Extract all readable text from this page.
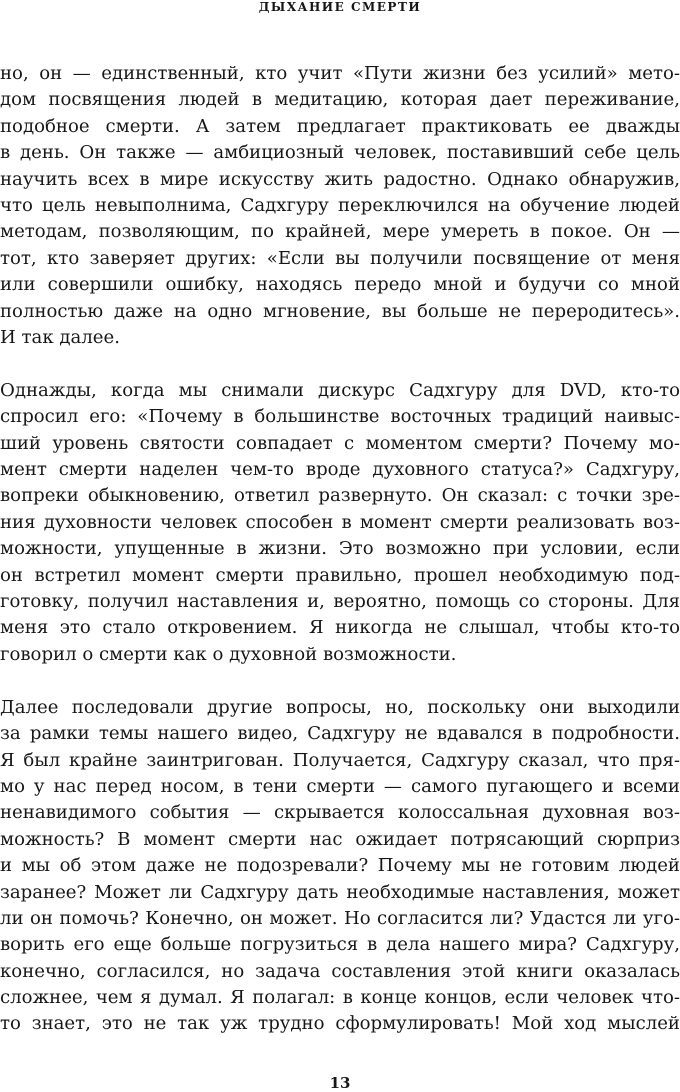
ДЫХАНИЕ СМЕРТИ
но, он — единственный, кто учит «Пути жизни без усилий» мето-
дом посвящения людей в медитацию, которая дает переживание,
подобное смерти. А затем предлагает практиковать ее дважды
в день. Он также — амбициозный человек, поставивший себе цель
научить всех в мире искусству жить радостно. Однако обнаружив,
что цель невыполнима, Садхгуру переключился на обучение людей
методам, позволяющим, по крайней, мере умереть в покое. Он —
тот, кто заверяет других: «Если вы получили посвящение от меня
или совершили ошибку, находясь передо мной и будучи со мной
полностью даже на одно мгновение, вы больше не переродитесь».
И так далее.
Однажды, когда мы снимали дискурс Садхгуру для DVD, кто-то
спросил его: «Почему в большинстве восточных традиций наивыс-
ший уровень святости совпадает с моментом смерти? Почему мо-
мент смерти наделен чем-то вроде духовного статуса?» Садхгуру,
вопреки обыкновению, ответил развернуто. Он сказал: с точки зре-
ния духовности человек способен в момент смерти реализовать воз-
можности, упущенные в жизни. Это возможно при условии, если
он встретил момент смерти правильно, прошел необходимую под-
готовку, получил наставления и, вероятно, помощь со стороны. Для
меня это стало откровением. Я никогда не слышал, чтобы кто-то
говорил о смерти как о духовной возможности.
Далее последовали другие вопросы, но, поскольку они выходили
за рамки темы нашего видео, Садхгуру не вдавался в подробности.
Я был крайне заинтригован. Получается, Садхгуру сказал, что пря-
мо у нас перед носом, в тени смерти — самого пугающего и всеми
ненавидимого события — скрывается колоссальная духовная воз-
можность? В момент смерти нас ожидает потрясающий сюрприз
и мы об этом даже не подозревали? Почему мы не готовим людей
заранее? Может ли Садхгуру дать необходимые наставления, может
ли он помочь? Конечно, он может. Но согласится ли? Удастся ли уго-
ворить его еще больше погрузиться в дела нашего мира? Садхгуру,
конечно, согласился, но задача составления этой книги оказалась
сложнее, чем я думал. Я полагал: в конце концов, если человек что-
то знает, это не так уж трудно сформулировать! Мой ход мыслей
13
